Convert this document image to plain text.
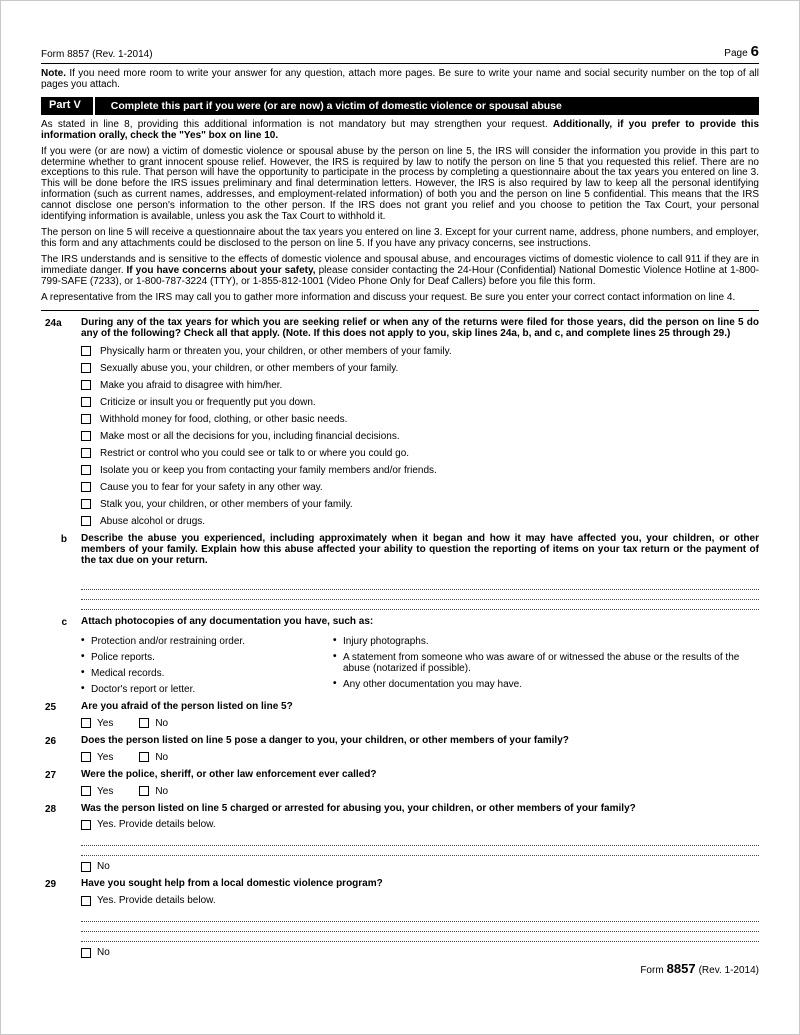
Form 8857 (Rev. 1-2014)	Page 6

Note. If you need more room to write your answer for any question, attach more pages. Be sure to write your name and social security number on the top of all pages you attach.

Part V	Complete this part if you were (or are now) a victim of domestic violence or spousal abuse

As stated in line 8, providing this additional information is not mandatory but may strengthen your request. Additionally, if you prefer to provide this information orally, check the "Yes" box on line 10.

If you were (or are now) a victim of domestic violence or spousal abuse by the person on line 5, the IRS will consider the information you provide in this part to determine whether to grant innocent spouse relief. However, the IRS is required by law to notify the person on line 5 that you requested this relief. There are no exceptions to this rule. That person will have the opportunity to participate in the process by completing a questionnaire about the tax years you entered on line 3. This will be done before the IRS issues preliminary and final determination letters. However, the IRS is also required by law to keep all the personal identifying information (such as current names, addresses, and employment-related information) of both you and the person on line 5 confidential. This means that the IRS cannot disclose one person's information to the other person. If the IRS does not grant you relief and you choose to petition the Tax Court, your personal identifying information is available, unless you ask the Tax Court to withhold it.

The person on line 5 will receive a questionnaire about the tax years you entered on line 3. Except for your current name, address, phone numbers, and employer, this form and any attachments could be disclosed to the person on line 5. If you have any privacy concerns, see instructions.

The IRS understands and is sensitive to the effects of domestic violence and spousal abuse, and encourages victims of domestic violence to call 911 if they are in immediate danger. If you have concerns about your safety, please consider contacting the 24-Hour (Confidential) National Domestic Violence Hotline at 1-800-799-SAFE (7233), or 1-800-787-3224 (TTY), or 1-855-812-1001 (Video Phone Only for Deaf Callers) before you file this form.

A representative from the IRS may call you to gather more information and discuss your request. Be sure you enter your correct contact information on line 4.

24a	During any of the tax years for which you are seeking relief or when any of the returns were filed for those years, did the person on line 5 do any of the following? Check all that apply. (Note. If this does not apply to you, skip lines 24a, b, and c, and complete lines 25 through 29.)

Physically harm or threaten you, your children, or other members of your family.
Sexually abuse you, your children, or other members of your family.
Make you afraid to disagree with him/her.
Criticize or insult you or frequently put you down.
Withhold money for food, clothing, or other basic needs.
Make most or all the decisions for you, including financial decisions.
Restrict or control who you could see or talk to or where you could go.
Isolate you or keep you from contacting your family members and/or friends.
Cause you to fear for your safety in any other way.
Stalk you, your children, or other members of your family.
Abuse alcohol or drugs.
b	Describe the abuse you experienced, including approximately when it began and how it may have affected you, your children, or other members of your family. Explain how this abuse affected your ability to question the reporting of items on your tax return or the payment of the tax due on your return.

c	Attach photocopies of any documentation you have, such as:

• Protection and/or restraining order.
• Police reports.
• Medical records.
• Doctor's report or letter.
• Injury photographs.
• A statement from someone who was aware of or witnessed the abuse or the results of the abuse (notarized if possible).
• Any other documentation you may have.
25	Are you afraid of the person listed on line 5?

Yes	No
26	Does the person listed on line 5 pose a danger to you, your children, or other members of your family?

Yes	No
27	Were the police, sheriff, or other law enforcement ever called?

Yes	No
28	Was the person listed on line 5 charged or arrested for abusing you, your children, or other members of your family?

Yes. Provide details below.
No
29	Have you sought help from a local domestic violence program?

Yes. Provide details below.
No
Form 8857 (Rev. 1-2014)
